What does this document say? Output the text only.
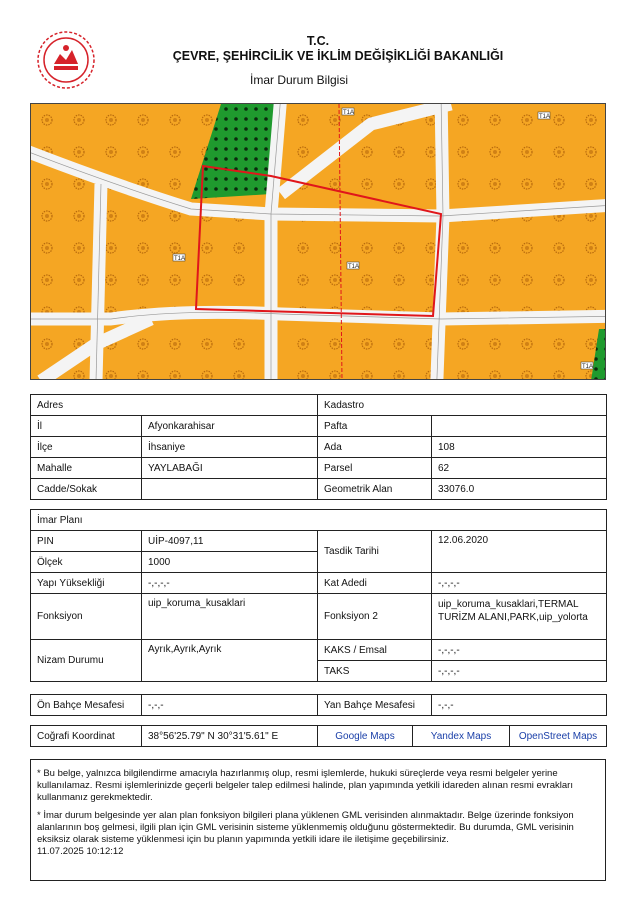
T.C.
ÇEVRE, ŞEHİRCİLİK VE İKLİM DEĞİŞİKLİĞİ BAKANLIĞI
İmar Durum Bilgisi
T1A
T1A
T1A
T1A
T1A
Adres		Kadastro	
İl	Afyonkarahisar	Pafta	
İlçe	İhsaniye	Ada	108
Mahalle	YAYLABAĞI	Parsel	62
Cadde/Sokak		Geometrik Alan	33076.0
İmar Planı			
PIN	UİP-4097,11	Tasdik Tarihi	12.06.2020
Ölçek	1000		
Yapı Yüksekliği	-,-,-,-	Kat Adedi	-,-,-,-
Fonksiyon	uip_koruma_kusaklari	Fonksiyon 2	uip_koruma_kusaklari,TERMAL TURİZM ALANI,PARK,uip_yolorta
Nizam Durumu	Ayrık,Ayrık,Ayrık	KAKS / Emsal	-,-,-,-
		TAKS	-,-,-,-
Ön Bahçe Mesafesi	-,-,-	Yan Bahçe Mesafesi	-,-,-
Coğrafi Koordinat	38°56'25.79" N 30°31'5.61" E	Google Maps	Yandex Maps	OpenStreet Maps

* Bu belge, yalnızca bilgilendirme amacıyla hazırlanmış olup, resmi işlemlerde, hukuki süreçlerde veya resmi belgeler yerine kullanılamaz. Resmi işlemlerinizde geçerli belgeler talep edilmesi halinde, plan yapımında yetkili idareden alınan resmi evrakları kullanmanız gerekmektedir.

* İmar durum belgesinde yer alan plan fonksiyon bilgileri plana yüklenen GML verisinden alınmaktadır. Belge üzerinde fonksiyon alanlarının boş gelmesi, ilgili plan için GML verisinin sisteme yüklenmemiş olduğunu göstermektedir. Bu durumda, GML verisinin eksiksiz olarak sisteme yüklenmesi için bu planın yapımında yetkili idare ile iletişime geçebilirsiniz.

11.07.2025 10:12:12
